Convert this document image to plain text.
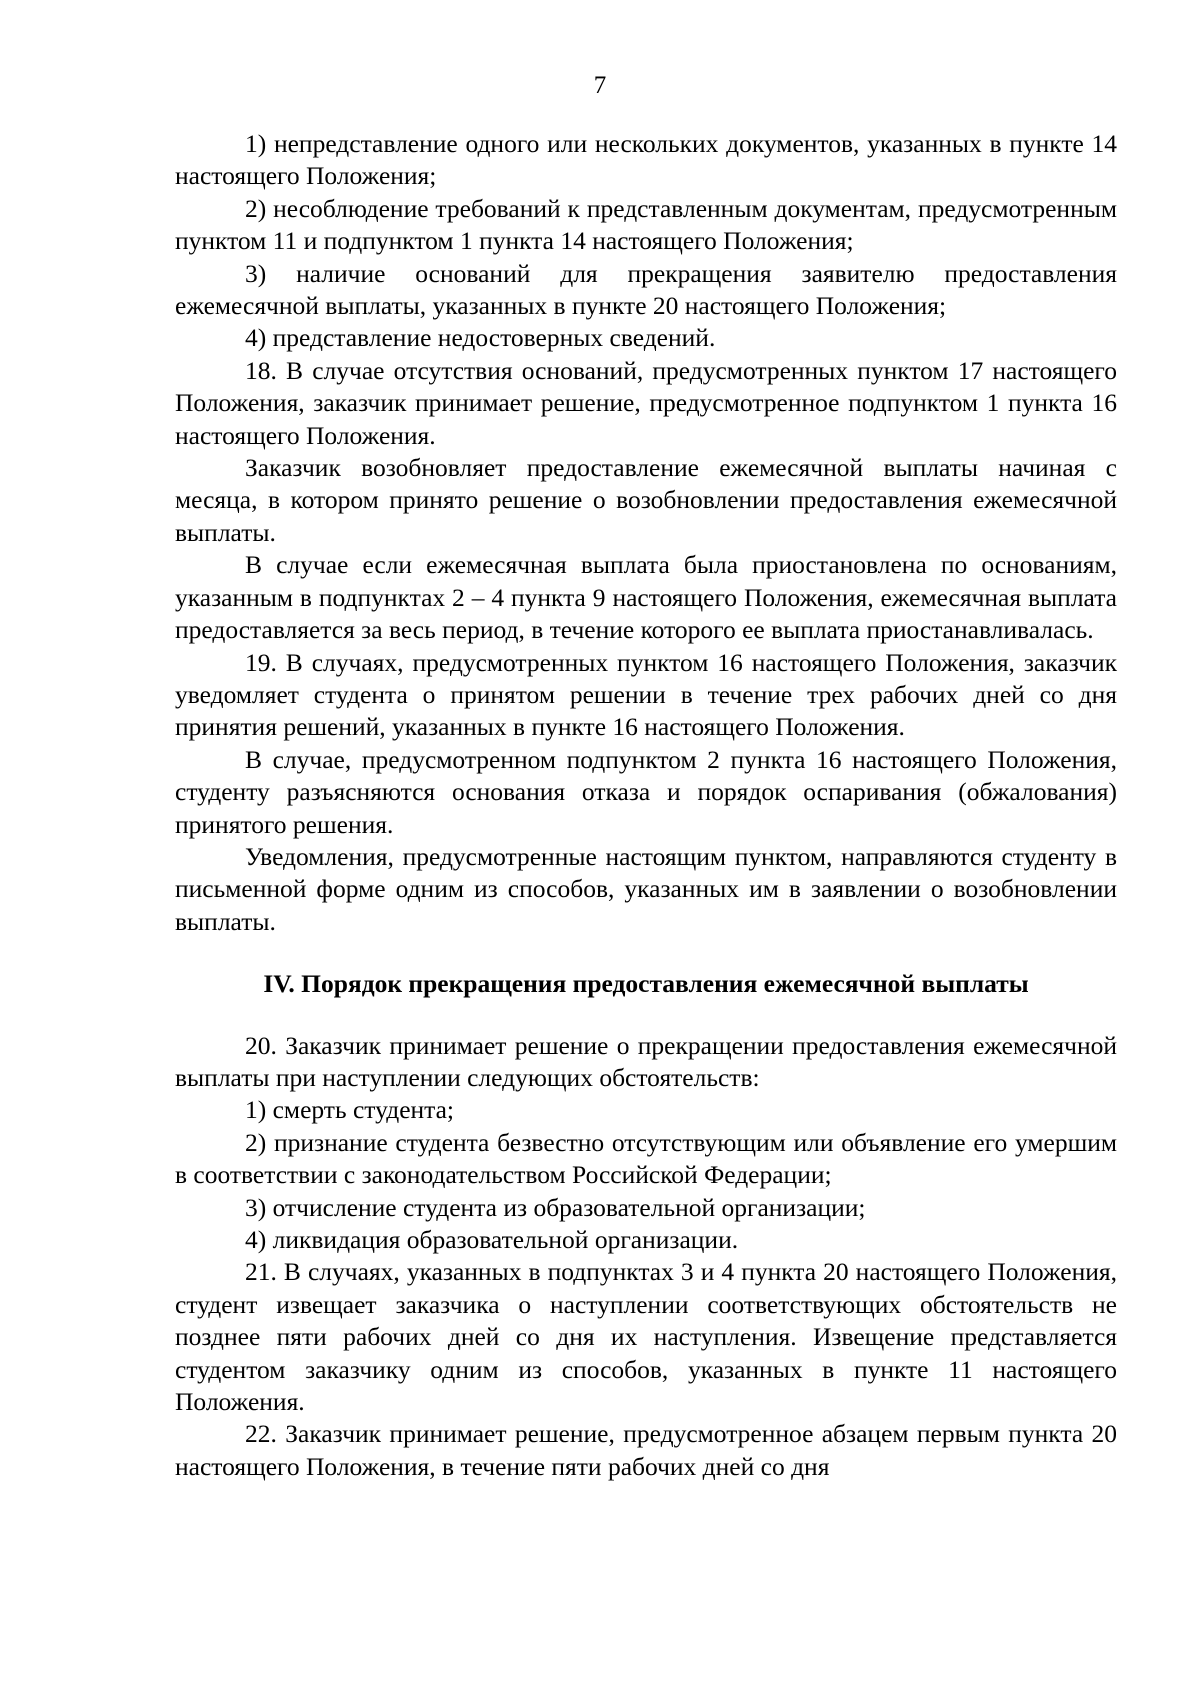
7

1) непредставление одного или нескольких документов, указанных в пункте 14 настоящего Положения;

2) несоблюдение требований к представленным документам, предусмотренным пунктом 11 и подпунктом 1 пункта 14 настоящего Положения;

3) наличие оснований для прекращения заявителю предоставления ежемесячной выплаты, указанных в пункте 20 настоящего Положения;

4) представление недостоверных сведений.

18. В случае отсутствия оснований, предусмотренных пунктом 17 настоящего Положения, заказчик принимает решение, предусмотренное подпунктом 1 пункта 16 настоящего Положения.

Заказчик возобновляет предоставление ежемесячной выплаты начиная с месяца, в котором принято решение о возобновлении предоставления ежемесячной выплаты.

В случае если ежемесячная выплата была приостановлена по основаниям, указанным в подпунктах 2 – 4 пункта 9 настоящего Положения, ежемесячная выплата предоставляется за весь период, в течение которого ее выплата приостанавливалась.

19. В случаях, предусмотренных пунктом 16 настоящего Положения, заказчик уведомляет студента о принятом решении в течение трех рабочих дней со дня принятия решений, указанных в пункте 16 настоящего Положения.

В случае, предусмотренном подпунктом 2 пункта 16 настоящего Положения, студенту разъясняются основания отказа и порядок оспаривания (обжалования) принятого решения.

Уведомления, предусмотренные настоящим пунктом, направляются студенту в письменной форме одним из способов, указанных им в заявлении о возобновлении выплаты.

IV. Порядок прекращения предоставления ежемесячной выплаты

20. Заказчик принимает решение о прекращении предоставления ежемесячной выплаты при наступлении следующих обстоятельств:

1) смерть студента;

2) признание студента безвестно отсутствующим или объявление его умершим в соответствии с законодательством Российской Федерации;

3) отчисление студента из образовательной организации;

4) ликвидация образовательной организации.

21. В случаях, указанных в подпунктах 3 и 4 пункта 20 настоящего Положения, студент извещает заказчика о наступлении соответствующих обстоятельств не позднее пяти рабочих дней со дня их наступления. Извещение представляется студентом заказчику одним из способов, указанных в пункте 11 настоящего Положения.

22. Заказчик принимает решение, предусмотренное абзацем первым пункта 20 настоящего Положения, в течение пяти рабочих дней со дня
